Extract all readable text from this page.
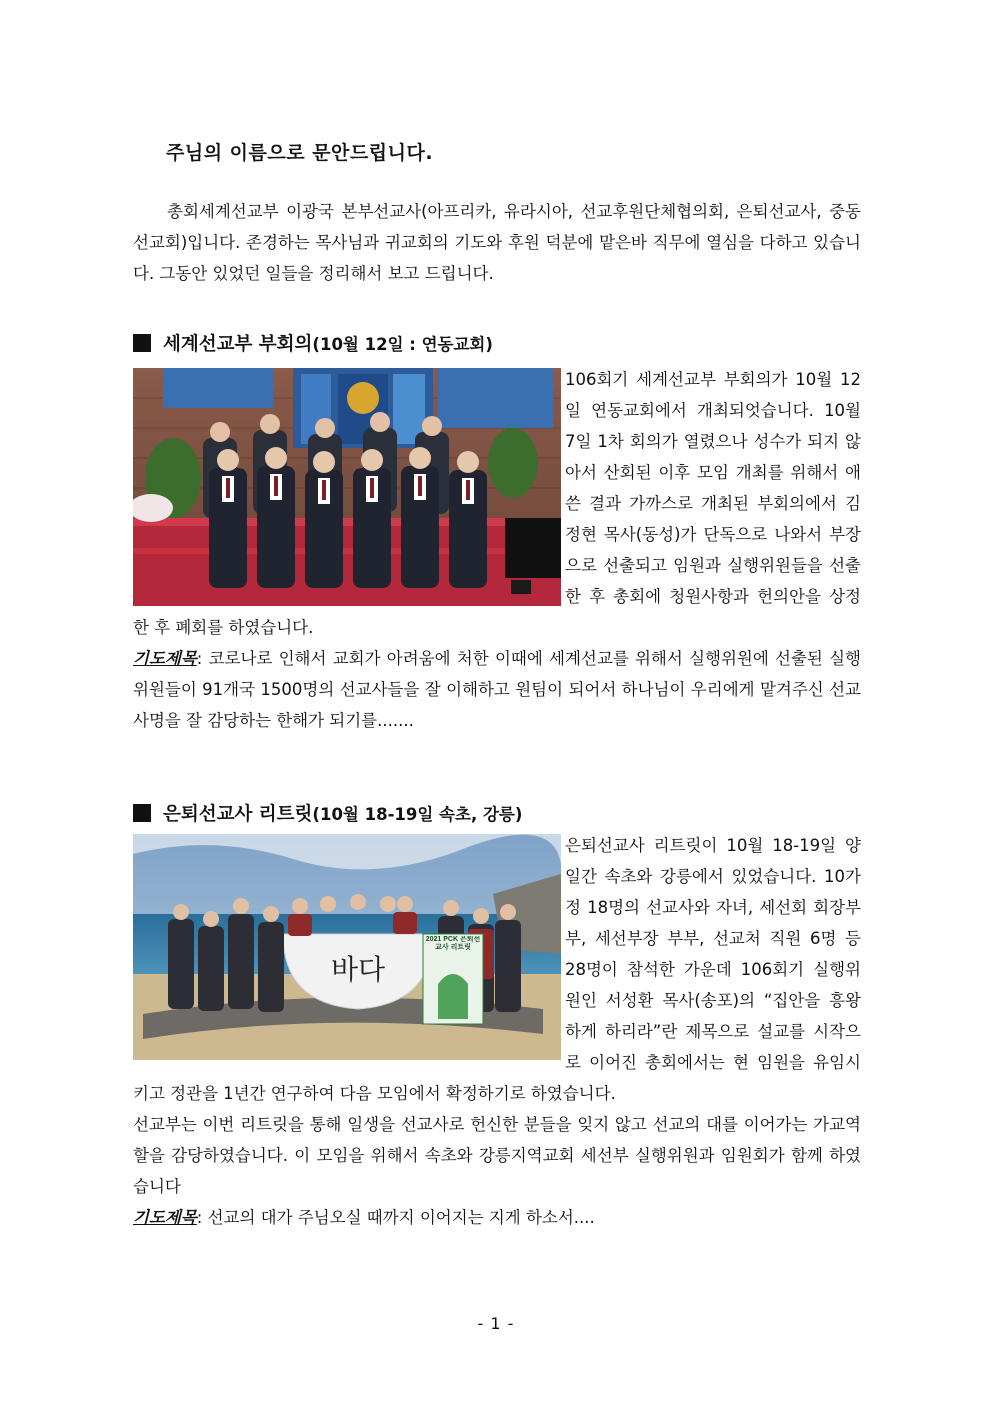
주님의 이름으로 문안드립니다.

총회세계선교부 이광국 본부선교사(아프리카, 유라시아, 선교후원단체협의회, 은퇴선교사, 중동선교회)입니다. 존경하는 목사님과 귀교회의 기도와 후원 덕분에 맡은바 직무에 열심을 다하고 있습니다. 그동안 있었던 일들을 정리해서 보고 드립니다.

세계선교부 부회의(10월 12일 : 연동교회)

106회기 세계선교부 부회의가 10월 12일 연동교회에서 개최되엇습니다. 10월 7일 1차 회의가 열렸으나 성수가 되지 않아서 산회된 이후 모임 개최를 위해서 애쓴 결과 가까스로 개최된 부회의에서 김정현 목사(동성)가 단독으로 나와서 부장으로 선출되고 임원과 실행위원들을 선출한 후 총회에 청원사항과 헌의안을 상정한 후 폐회를 하였습니다.

기도제목: 코로나로 인해서 교회가 아려움에 처한 이때에 세계선교를 위해서 실행위원에 선출된 실행위원들이 91개국 1500명의 선교사들을 잘 이해하고 원팀이 되어서 하나님이 우리에게 맡겨주신 선교사명을 잘 감당하는 한해가 되기를.......

은퇴선교사 리트릿(10월 18-19일 속초, 강릉)
바다
2021 PCK 은퇴선교사 리트릿

은퇴선교사 리트릿이 10월 18-19일 양일간 속초와 강릉에서 있었습니다. 10가정 18명의 선교사와 자녀, 세선회 회장부부, 세선부장 부부, 선교처 직원 6명 등 28명이 참석한 가운데 106회기 실행위원인 서성환 목사(송포)의 “집안을 흥왕하게 하리라”란 제목으로 설교를 시작으로 이어진 총회에서는 현 임원을 유임시키고 정관을 1년간 연구하여 다음 모임에서 확정하기로 하였습니다.

선교부는 이번 리트릿을 통해 일생을 선교사로 헌신한 분들을 잊지 않고 선교의 대를 이어가는 가교역할을 감당하였습니다. 이 모임을 위해서 속초와 강릉지역교회 세선부 실행위원과 임원회가 함께 하였습니다

기도제목: 선교의 대가 주님오실 때까지 이어지는 지게 하소서....

- 1 -
